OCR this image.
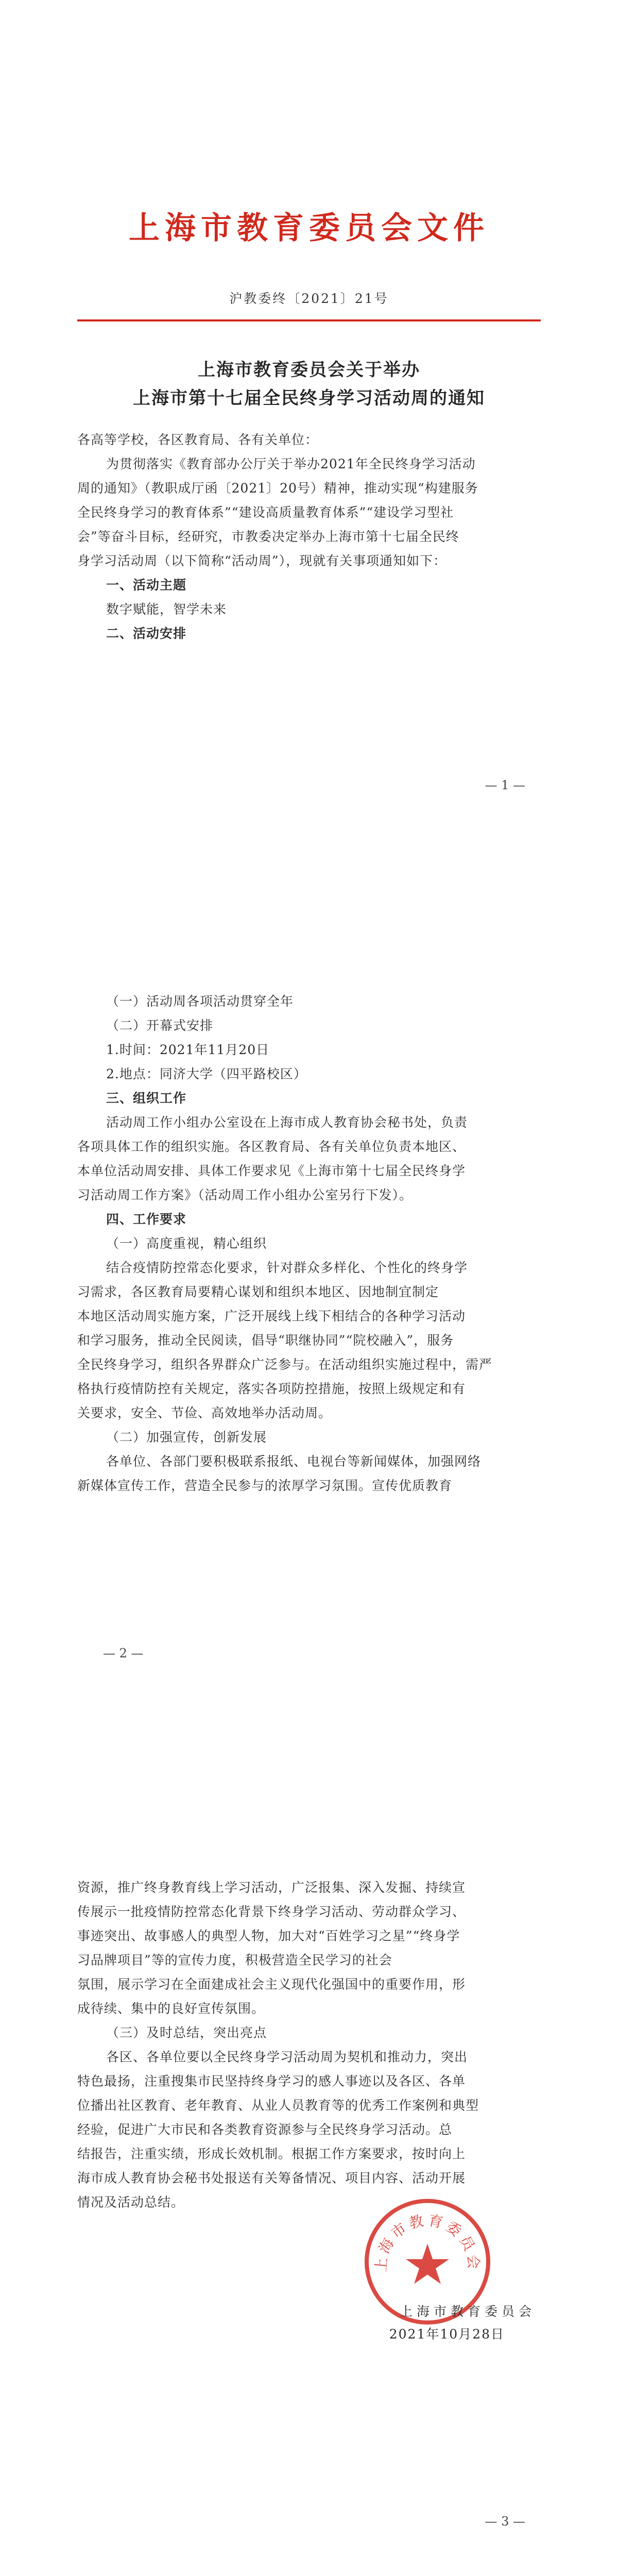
上海市教育委员会文件
沪教委终〔2021〕21号
上海市教育委员会关于举办
上海市第十七届全民终身学习活动周的通知
各高等学校，各区教育局、各有关单位：
为贯彻落实《教育部办公厅关于举办2021年全民终身学习活动
周的通知》（教职成厅函〔2021〕20号）精神，推动实现“构建服务
全民终身学习的教育体系”“建设高质量教育体系”“建设学习型社
会”等奋斗目标，经研究，市教委决定举办上海市第十七届全民终
身学习活动周（以下简称“活动周”），现就有关事项通知如下：
一、活动主题
数字赋能，智学未来
二、活动安排
— 1 —
（一）活动周各项活动贯穿全年
（二）开幕式安排
1.时间：2021年11月20日
2.地点：同济大学（四平路校区）
三、组织工作
活动周工作小组办公室设在上海市成人教育协会秘书处，负责
各项具体工作的组织实施。各区教育局、各有关单位负责本地区、
本单位活动周安排、具体工作要求见《上海市第十七届全民终身学
习活动周工作方案》（活动周工作小组办公室另行下发）。
四、工作要求
（一）高度重视，精心组织
结合疫情防控常态化要求，针对群众多样化、个性化的终身学
习需求，各区教育局要精心谋划和组织本地区、因地制宜制定
本地区活动周实施方案，广泛开展线上线下相结合的各种学习活动
和学习服务，推动全民阅读，倡导“职继协同”“院校融入”，服务
全民终身学习，组织各界群众广泛参与。在活动组织实施过程中，需严
格执行疫情防控有关规定，落实各项防控措施，按照上级规定和有
关要求，安全、节俭、高效地举办活动周。
（二）加强宣传，创新发展
各单位、各部门要积极联系报纸、电视台等新闻媒体，加强网络
新媒体宣传工作，营造全民参与的浓厚学习氛围。宣传优质教育
— 2 —
资源，推广终身教育线上学习活动，广泛报集、深入发掘、持续宣
传展示一批疫情防控常态化背景下终身学习活动、劳动群众学习、
事迹突出、故事感人的典型人物，加大对“百姓学习之星”“终身学
习品牌项目”等的宣传力度，积极营造全民学习的社会
氛围，展示学习在全面建成社会主义现代化强国中的重要作用，形
成待续、集中的良好宣传氛围。
（三）及时总结，突出亮点
各区、各单位要以全民终身学习活动周为契机和推动力，突出
特色最扬，注重搜集市民坚持终身学习的感人事迹以及各区、各单
位播出社区教育、老年教育、从业人员教育等的优秀工作案例和典型
经验，促进广大市民和各类教育资源参与全民终身学习活动。总
结报告，注重实绩，形成长效机制。根据工作方案要求，按时向上
海市成人教育协会秘书处报送有关筹备情况、项目内容、活动开展
情况及活动总结。
上海市教育委员会
上海市教育委员会
2021年10月28日
— 3 —
